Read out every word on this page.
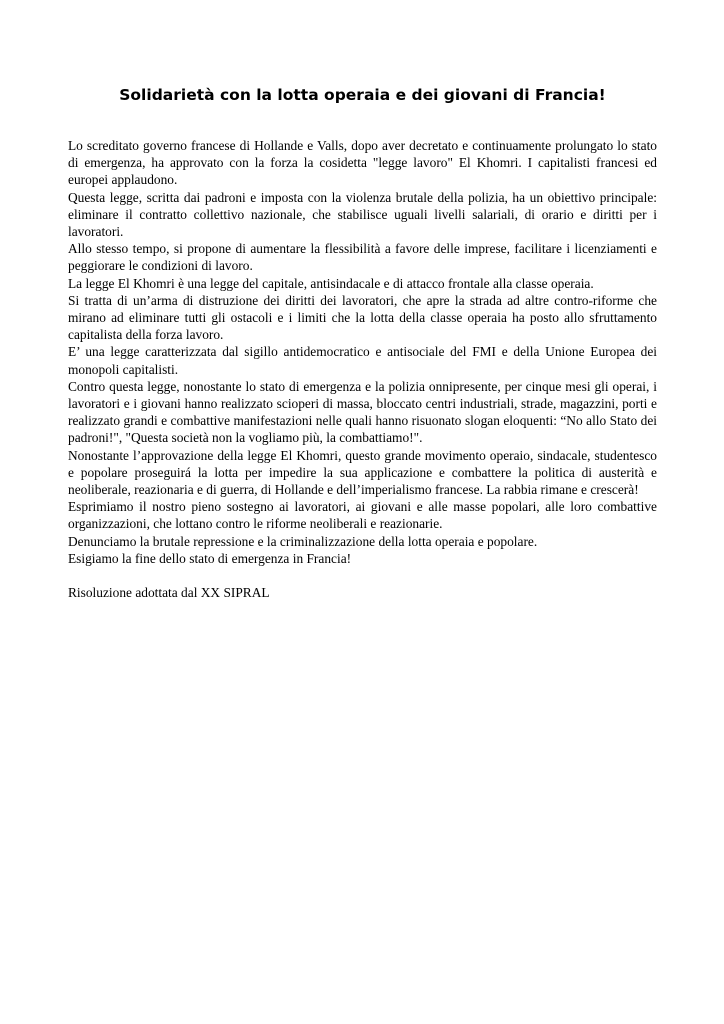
Solidarietà con la lotta operaia e dei giovani di Francia!

Lo screditato governo francese di Hollande e Valls, dopo aver decretato e continuamente prolungato lo stato di emergenza, ha approvato con la forza la cosidetta "legge lavoro" El Khomri. I capitalisti francesi ed europei applaudono.

Questa legge, scritta dai padroni e imposta con la violenza brutale della polizia, ha un obiettivo principale: eliminare il contratto collettivo nazionale, che stabilisce uguali livelli salariali, di orario e diritti per i lavoratori.

Allo stesso tempo, si propone di aumentare la flessibilità a favore delle imprese, facilitare i licenziamenti e peggiorare le condizioni di lavoro.

La legge El Khomri è una legge del capitale, antisindacale e di attacco frontale alla classe operaia.

Si tratta di un’arma di distruzione dei diritti dei lavoratori, che apre la strada ad altre contro-riforme che mirano ad eliminare tutti gli ostacoli e i limiti che la lotta della classe operaia ha posto allo sfruttamento capitalista della forza lavoro.

E’ una legge caratterizzata dal sigillo antidemocratico e antisociale del FMI e della Unione Europea dei monopoli capitalisti.

Contro questa legge, nonostante lo stato di emergenza e la polizia onnipresente, per cinque mesi gli operai, i lavoratori e i giovani hanno realizzato scioperi di massa, bloccato centri industriali, strade, magazzini, porti e realizzato grandi e combattive manifestazioni nelle quali hanno risuonato slogan eloquenti: “No allo Stato dei padroni!", "Questa società non la vogliamo più, la combattiamo!".

Nonostante l’approvazione della legge El Khomri, questo grande movimento operaio, sindacale, studentesco e popolare proseguirá la lotta per impedire la sua applicazione e combattere la politica di austerità e neoliberale, reazionaria e di guerra, di Hollande e dell’imperialismo francese. La rabbia rimane e crescerà!

Esprimiamo il nostro pieno sostegno ai lavoratori, ai giovani e alle masse popolari, alle loro combattive organizzazioni, che lottano contro le riforme neoliberali e reazionarie.

Denunciamo la brutale repressione e la criminalizzazione della lotta operaia e popolare.

Esigiamo la fine dello stato di emergenza in Francia!

Risoluzione adottata dal XX SIPRAL
